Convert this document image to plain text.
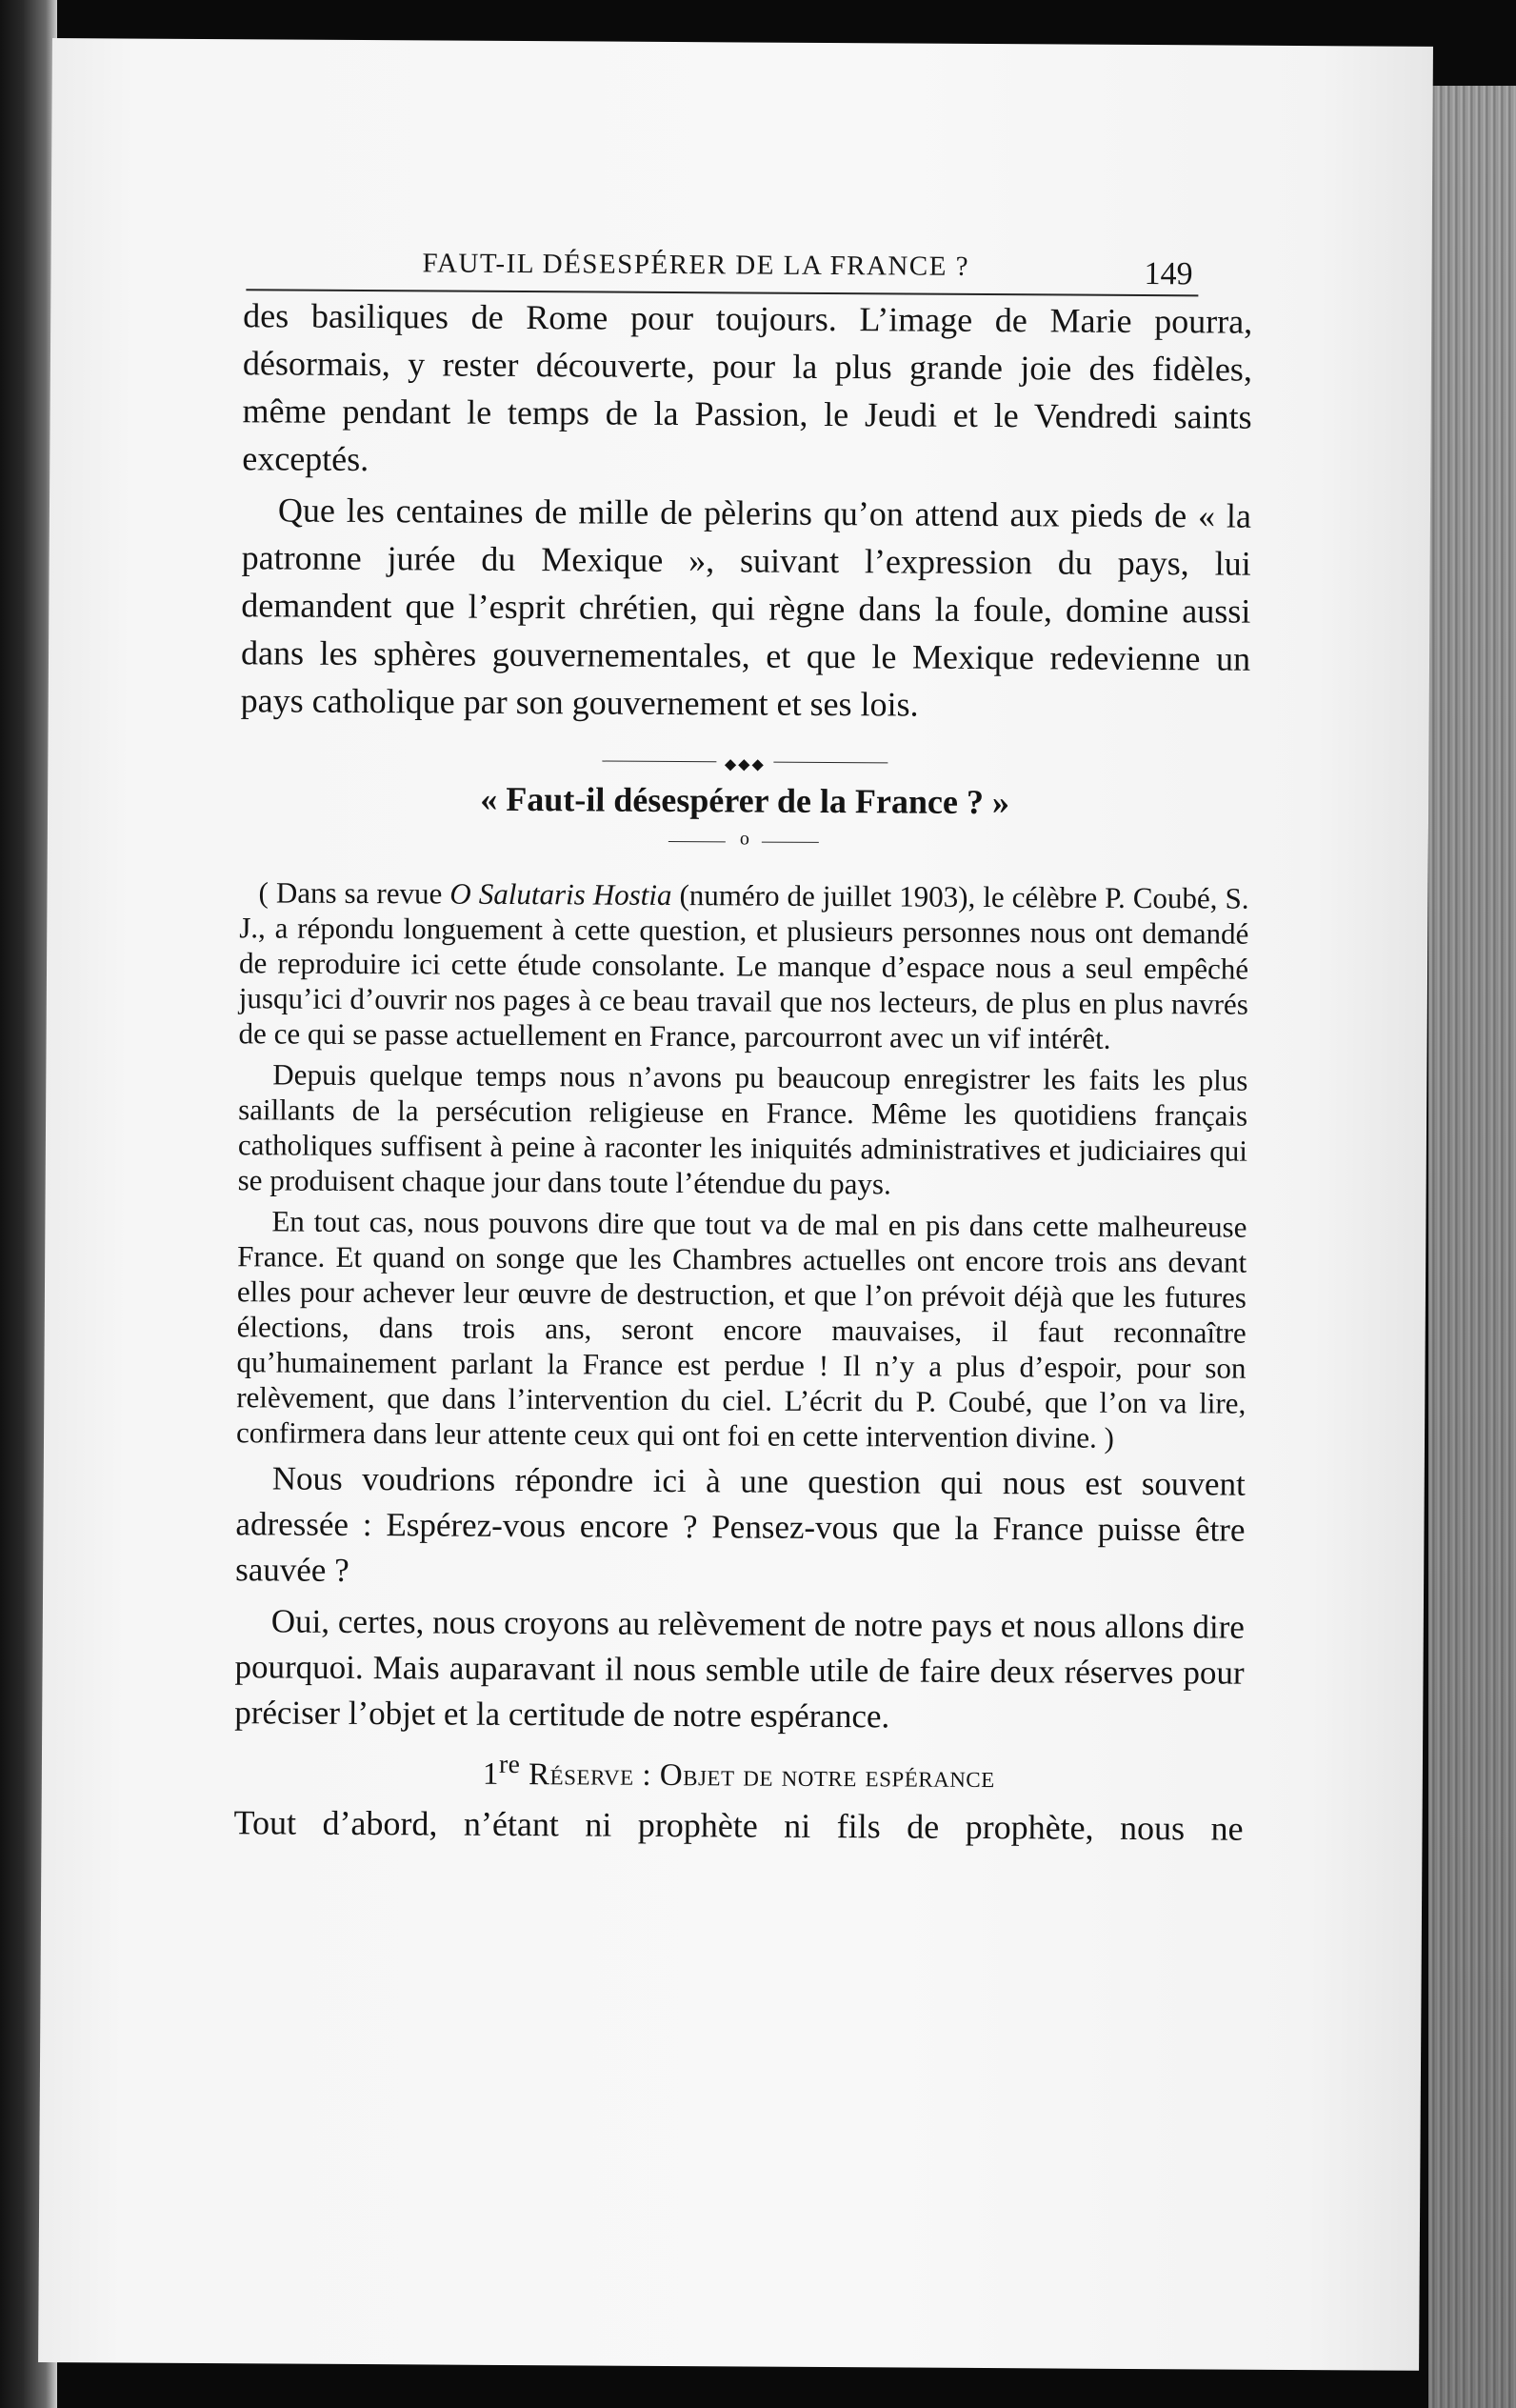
FAUT-IL DÉSESPÉRER DE LA FRANCE ?	149

des basiliques de Rome pour toujours. L’image de Marie pourra, désormais, y rester découverte, pour la plus grande joie des fidèles, même pendant le temps de la Passion, le Jeudi et le Vendredi saints exceptés.

Que les centaines de mille de pèlerins qu’on attend aux pieds de « la patronne jurée du Mexique », suivant l’expression du pays, lui demandent que l’esprit chrétien, qui règne dans la foule, domine aussi dans les sphères gouvernementales, et que le Mexique redevienne un pays catholique par son gouvernement et ses lois.

◆◆◆
« Faut-il désespérer de la France ? »
o

( Dans sa revue O Salutaris Hostia (numéro de juillet 1903), le célèbre P. Coubé, S. J., a répondu longuement à cette question, et plusieurs personnes nous ont demandé de reproduire ici cette étude consolante. Le manque d’espace nous a seul empêché jusqu’ici d’ouvrir nos pages à ce beau travail que nos lecteurs, de plus en plus navrés de ce qui se passe actuellement en France, parcourront avec un vif intérêt.

Depuis quelque temps nous n’avons pu beaucoup enregistrer les faits les plus saillants de la persécution religieuse en France. Même les quotidiens français catholiques suffisent à peine à raconter les iniquités administratives et judiciaires qui se produisent chaque jour dans toute l’étendue du pays.

En tout cas, nous pouvons dire que tout va de mal en pis dans cette malheureuse France. Et quand on songe que les Chambres actuelles ont encore trois ans devant elles pour achever leur œuvre de destruction, et que l’on prévoit déjà que les futures élections, dans trois ans, seront encore mauvaises, il faut reconnaître qu’humainement parlant la France est perdue ! Il n’y a plus d’espoir, pour son relèvement, que dans l’intervention du ciel. L’écrit du P. Coubé, que l’on va lire, confirmera dans leur attente ceux qui ont foi en cette intervention divine. )

Nous voudrions répondre ici à une question qui nous est souvent adressée : Espérez-vous encore ? Pensez-vous que la France puisse être sauvée ?

Oui, certes, nous croyons au relèvement de notre pays et nous allons dire pourquoi. Mais auparavant il nous semble utile de faire deux réserves pour préciser l’objet et la certitude de notre espérance.

1re Réserve : Objet de notre espérance

Tout d’abord, n’étant ni prophète ni fils de prophète, nous ne
